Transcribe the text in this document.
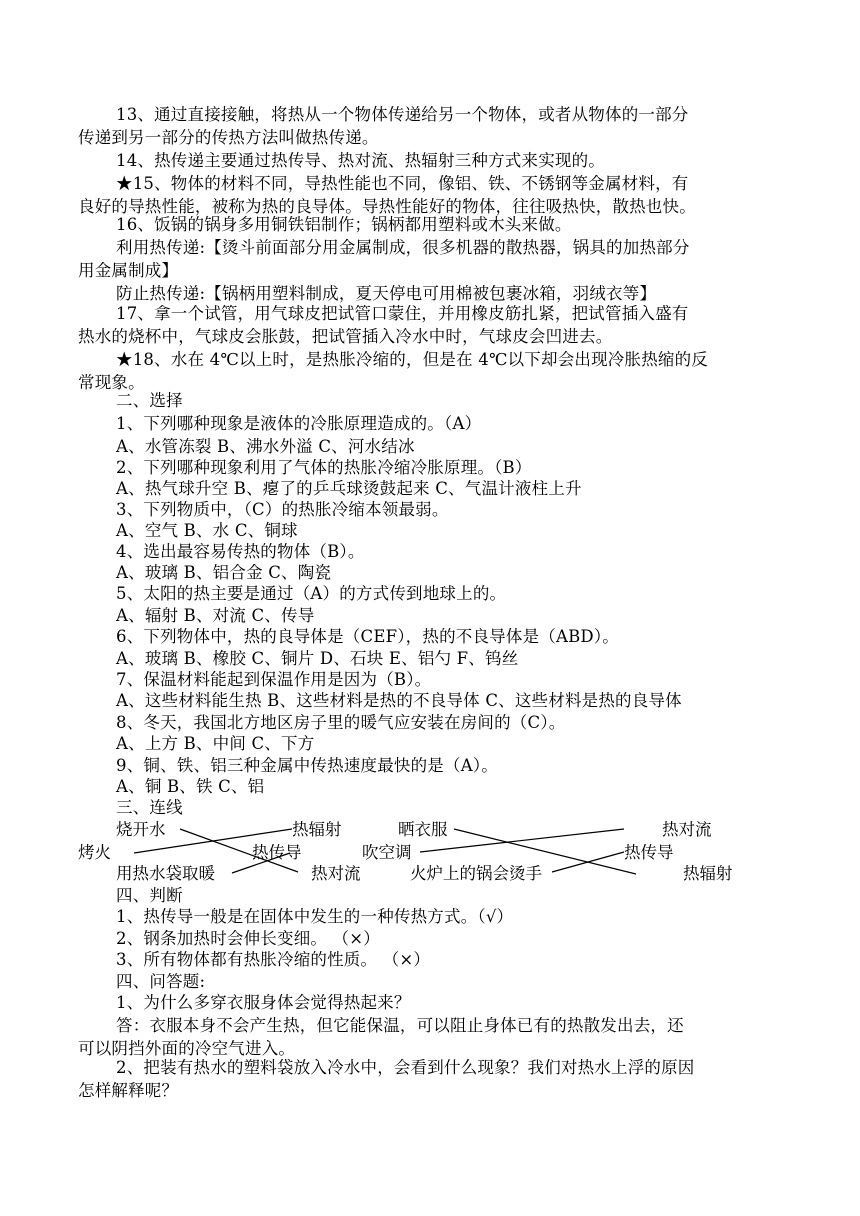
13、通过直接接触，将热从一个物体传递给另一个物体，或者从物体的一部分
传递到另一部分的传热方法叫做热传递。
14、热传递主要通过热传导、热对流、热辐射三种方式来实现的。
★15、物体的材料不同，导热性能也不同，像铝、铁、不锈钢等金属材料，有
良好的导热性能，被称为热的良导体。导热性能好的物体，往往吸热快，散热也快。
16、饭锅的锅身多用铜铁铝制作；锅柄都用塑料或木头来做。
利用热传递:【烫斗前面部分用金属制成，很多机器的散热器，锅具的加热部分
用金属制成】
防止热传递:【锅柄用塑料制成，夏天停电可用棉被包裹冰箱，羽绒衣等】
17、拿一个试管，用气球皮把试管口蒙住，并用橡皮筋扎紧，把试管插入盛有
热水的烧杯中，气球皮会胀鼓，把试管插入冷水中时，气球皮会凹进去。
★18、水在 4℃以上时，是热胀冷缩的，但是在 4℃以下却会出现冷胀热缩的反
常现象。
二、选择
1、下列哪种现象是液体的冷胀原理造成的。（A）
A、水管冻裂 B、沸水外溢 C、河水结冰
2、下列哪种现象利用了气体的热胀冷缩冷胀原理。（B）
A、热气球升空 B、瘪了的乒乓球烫鼓起来 C、气温计液柱上升
3、下列物质中，（C）的热胀冷缩本领最弱。
A、空气 B、水 C、铜球
4、选出最容易传热的物体（B）。
A、玻璃 B、铝合金 C、陶瓷
5、太阳的热主要是通过（A）的方式传到地球上的。
A、辐射 B、对流 C、传导
6、下列物体中，热的良导体是（CEF），热的不良导体是（ABD）。
A、玻璃 B、橡胶 C、铜片 D、石块 E、铝勺 F、钨丝
7、保温材料能起到保温作用是因为（B）。
A、这些材料能生热 B、这些材料是热的不良导体 C、这些材料是热的良导体
8、冬天，我国北方地区房子里的暖气应安装在房间的（C）。
A、上方 B、中间 C、下方
9、铜、铁、铝三种金属中传热速度最快的是（A）。
A、铜 B、铁 C、铝
三、连线
烧开水
烤火
用热水袋取暖
热辐射
热传导
热对流
晒衣服
吹空调
火炉上的锅会烫手
热对流
热传导
热辐射
四、判断
1、热传导一般是在固体中发生的一种传热方式。（√）
2、钢条加热时会伸长变细。 （×）
3、所有物体都有热胀冷缩的性质。 （×）
四、问答题:
1、为什么多穿衣服身体会觉得热起来？
答：衣服本身不会产生热，但它能保温，可以阻止身体已有的热散发出去，还
可以阴挡外面的冷空气进入。
2、把装有热水的塑料袋放入冷水中，会看到什么现象？我们对热水上浮的原因
怎样解释呢？
